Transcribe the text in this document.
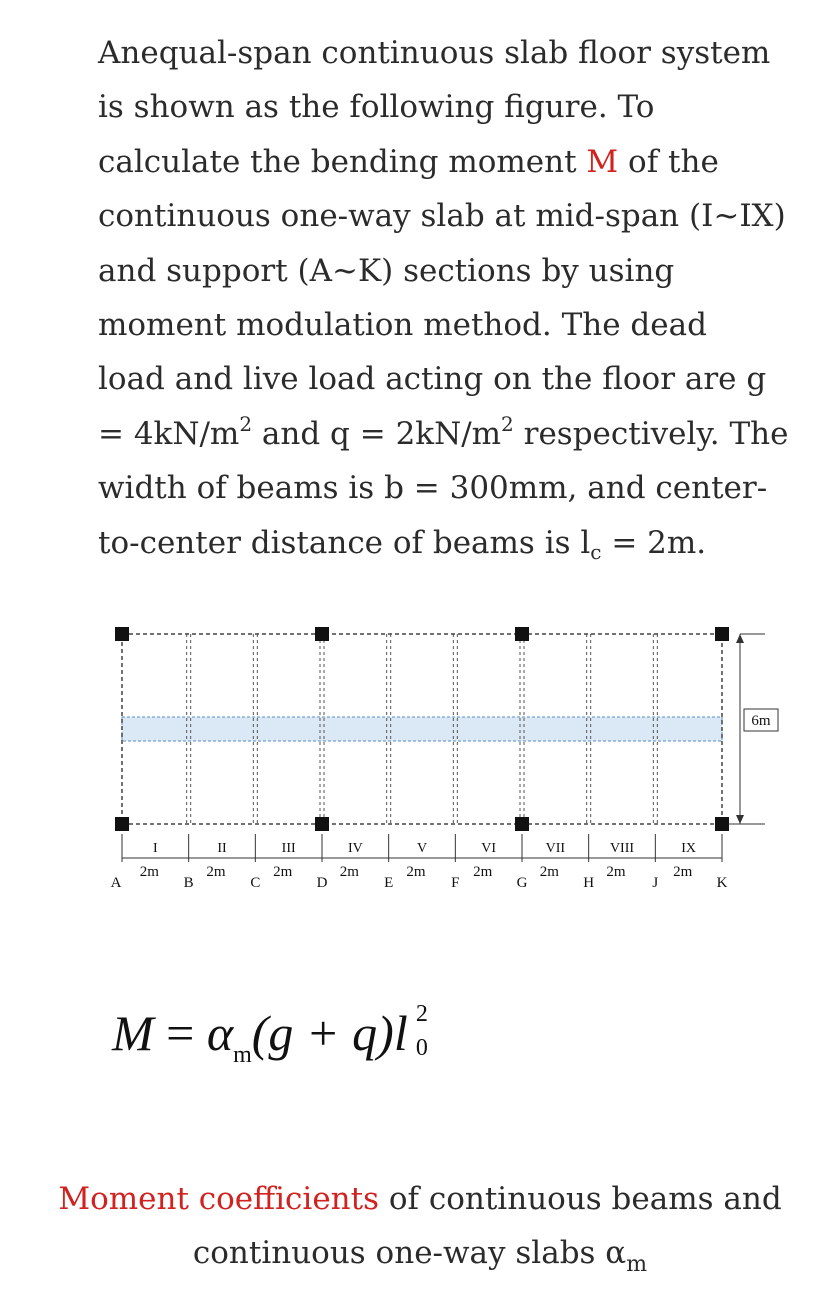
Anequal-span continuous slab floor system
is shown as the following figure. To
calculate the bending moment M of the
continuous one-way slab at mid-span (I~IX)
and support (A~K) sections by using
moment modulation method. The dead
load and live load acting on the floor are g
= $4kN/m^2$ and $q = 2kN/m^2$ respectively. The
width of beams is b = 300mm, and center-
to-center distance of beams is $l_c = 2m$.
6m
A	B	C	D	E	F	G	H	J	K
I
2m
II
2m
III
2m
IV
2m
V
2m
VI
2m
VII
2m
VIII
2m
IX
2m
$M = \alpha_m(g + q)l$ 2
0
Moment coefficients of continuous beams and
continuous one-way slabs $\alpha_m$
